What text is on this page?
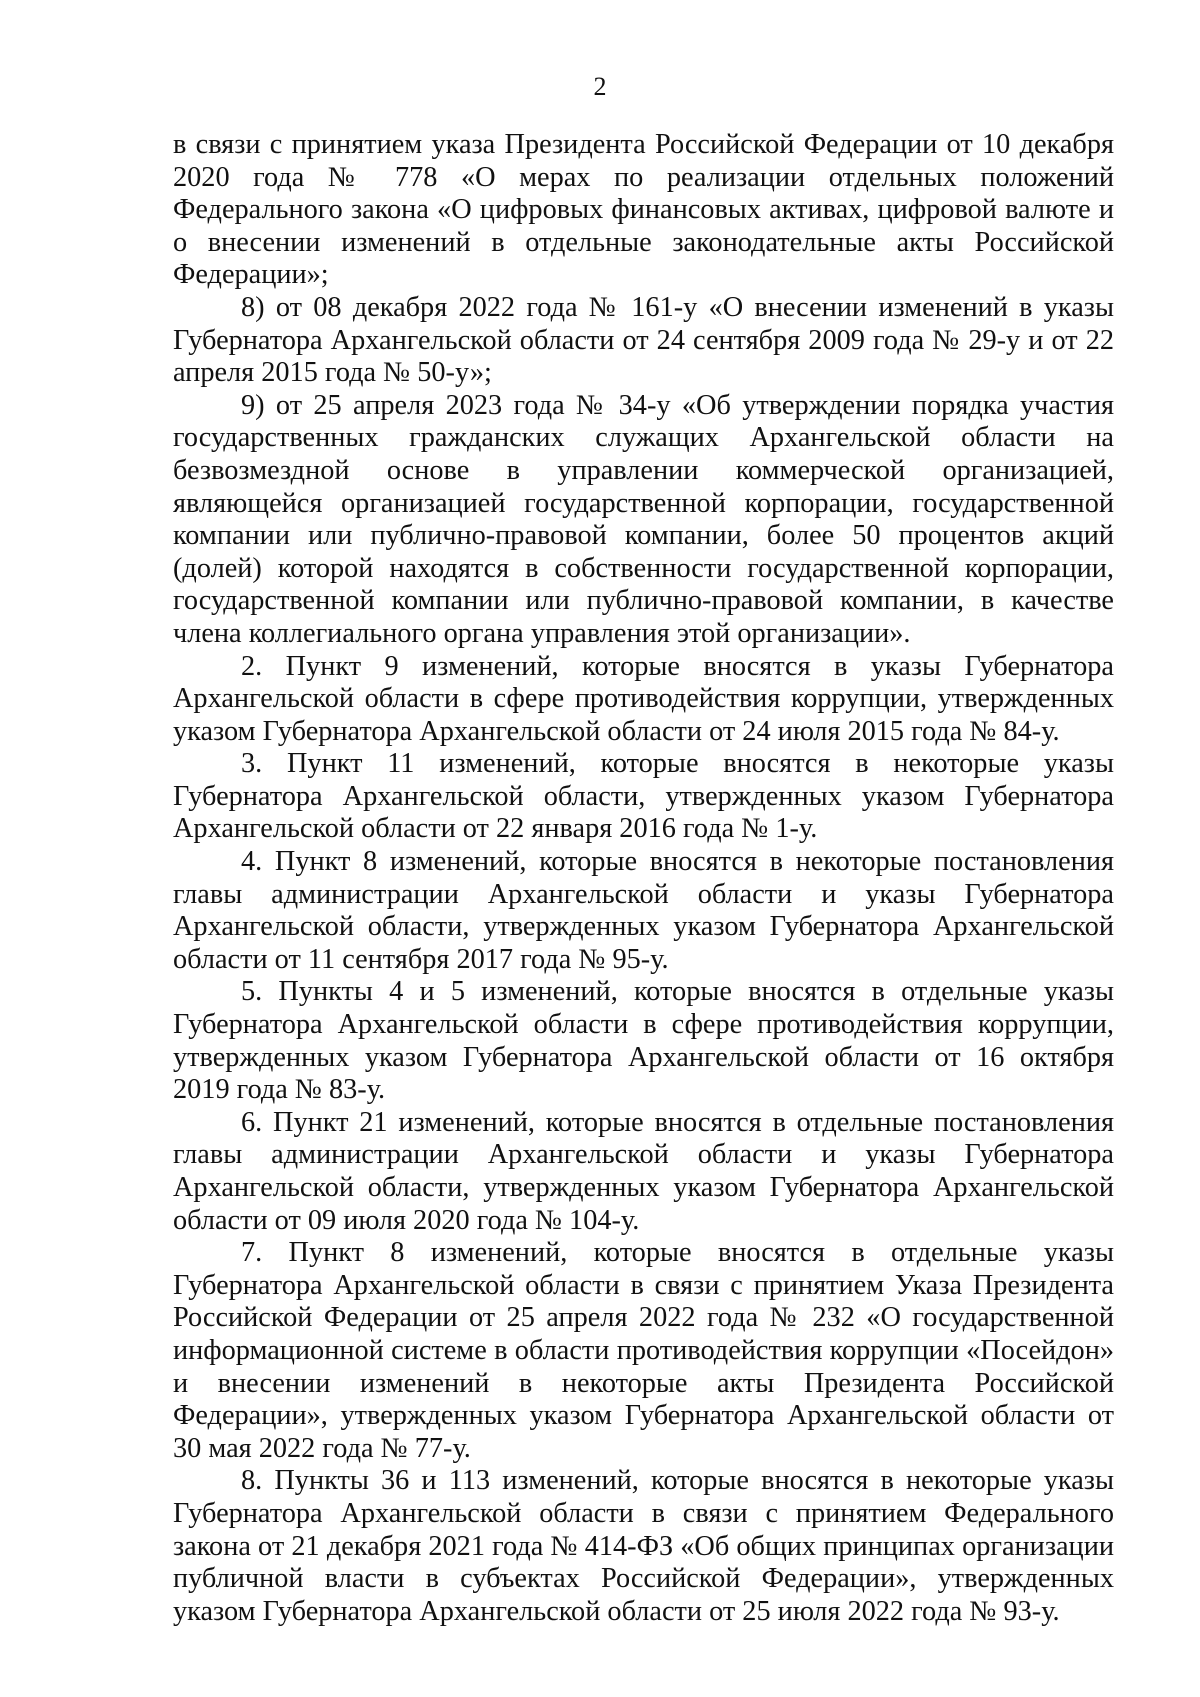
2

в связи с принятием указа Президента Российской Федерации от 10 декабря 2020 года № 778 «О мерах по реализации отдельных положений Федерального закона «О цифровых финансовых активах, цифровой валюте и о внесении изменений в отдельные законодательные акты Российской Федерации»;

8) от 08 декабря 2022 года № 161-у «О внесении изменений в указы Губернатора Архангельской области от 24 сентября 2009 года № 29-у и от 22 апреля 2015 года № 50-у»;

9) от 25 апреля 2023 года № 34-у «Об утверждении порядка участия государственных гражданских служащих Архангельской области на безвозмездной основе в управлении коммерческой организацией, являющейся организацией государственной корпорации, государственной компании или публично-правовой компании, более 50 процентов акций (долей) которой находятся в собственности государственной корпорации, государственной компании или публично-правовой компании, в качестве члена коллегиального органа управления этой организации».

2. Пункт 9 изменений, которые вносятся в указы Губернатора Архангельской области в сфере противодействия коррупции, утвержденных указом Губернатора Архангельской области от 24 июля 2015 года № 84-у.

3. Пункт 11 изменений, которые вносятся в некоторые указы Губернатора Архангельской области, утвержденных указом Губернатора Архангельской области от 22 января 2016 года № 1-у.

4. Пункт 8 изменений, которые вносятся в некоторые постановления главы администрации Архангельской области и указы Губернатора Архангельской области, утвержденных указом Губернатора Архангельской области от 11 сентября 2017 года № 95-у.

5. Пункты 4 и 5 изменений, которые вносятся в отдельные указы Губернатора Архангельской области в сфере противодействия коррупции, утвержденных указом Губернатора Архангельской области от 16 октября 2019 года № 83-у.

6. Пункт 21 изменений, которые вносятся в отдельные постановления главы администрации Архангельской области и указы Губернатора Архангельской области, утвержденных указом Губернатора Архангельской области от 09 июля 2020 года № 104-у.

7. Пункт 8 изменений, которые вносятся в отдельные указы Губернатора Архангельской области в связи с принятием Указа Президента Российской Федерации от 25 апреля 2022 года № 232 «О государственной информационной системе в области противодействия коррупции «Посейдон» и внесении изменений в некоторые акты Президента Российской Федерации», утвержденных указом Губернатора Архангельской области от 30 мая 2022 года № 77-у.

8. Пункты 36 и 113 изменений, которые вносятся в некоторые указы Губернатора Архангельской области в связи с принятием Федерального закона от 21 декабря 2021 года № 414-ФЗ «Об общих принципах организации публичной власти в субъектах Российской Федерации», утвержденных указом Губернатора Архангельской области от 25 июля 2022 года № 93-у.
